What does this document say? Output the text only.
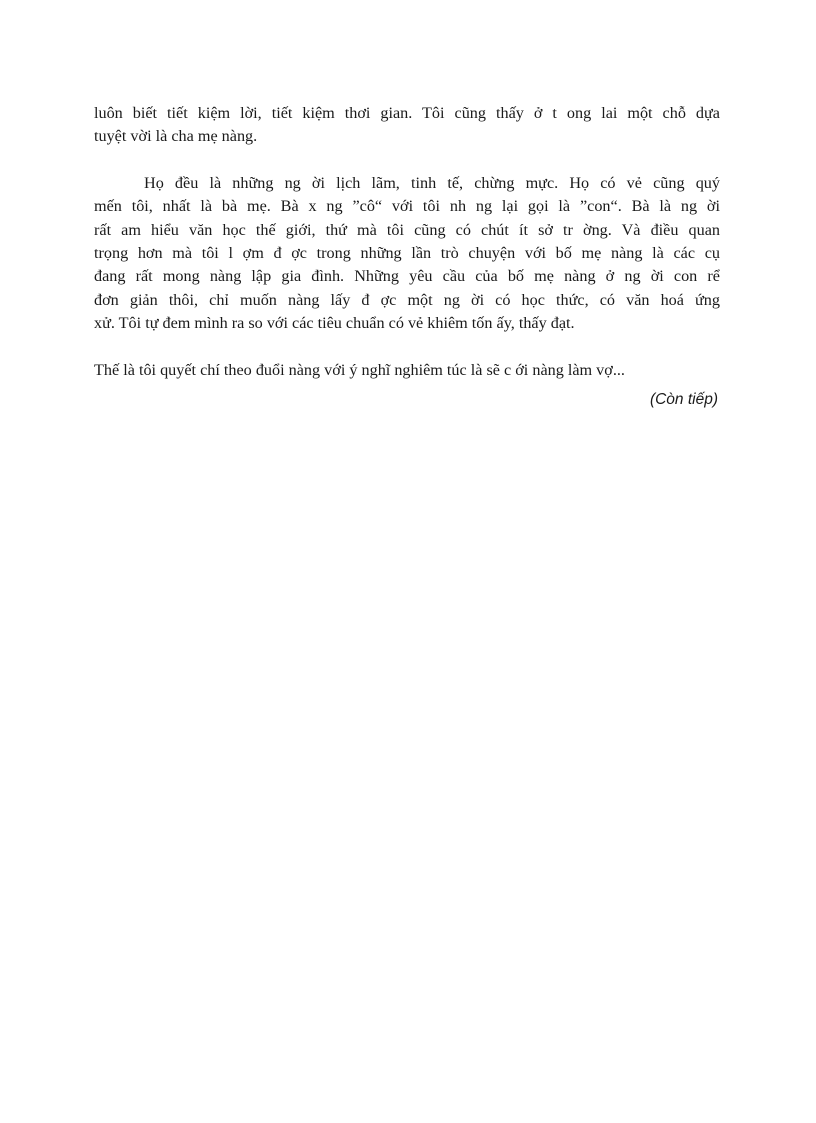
luôn biết tiết kiệm lời, tiết kiệm thơi gian. Tôi cũng thấy ở t ong lai một chỗ dựa
tuyệt vời là cha mẹ nàng.

Họ đều là những ng ời lịch lãm, tinh tế, chừng mực. Họ có vẻ cũng quý
mến tôi, nhất là bà mẹ. Bà x ng ”cô“ với tôi nh ng lại gọi là ”con“. Bà là ng ời
rất am hiểu văn học thế giới, thứ mà tôi cũng có chút ít sở tr ờng. Và điều quan
trọng hơn mà tôi l ợm đ ợc trong những lần trò chuyện với bố mẹ nàng là các cụ
đang rất mong nàng lập gia đình. Những yêu cầu của bố mẹ nàng ở ng ời con rể
đơn giản thôi, chỉ muốn nàng lấy đ ợc một ng ời có học thức, có văn hoá ứng
xử. Tôi tự đem mình ra so với các tiêu chuẩn có vẻ khiêm tốn ấy, thấy đạt.

Thế là tôi quyết chí theo đuổi nàng với ý nghĩ nghiêm túc là sẽ c ới nàng làm vợ...

(Còn tiếp)
